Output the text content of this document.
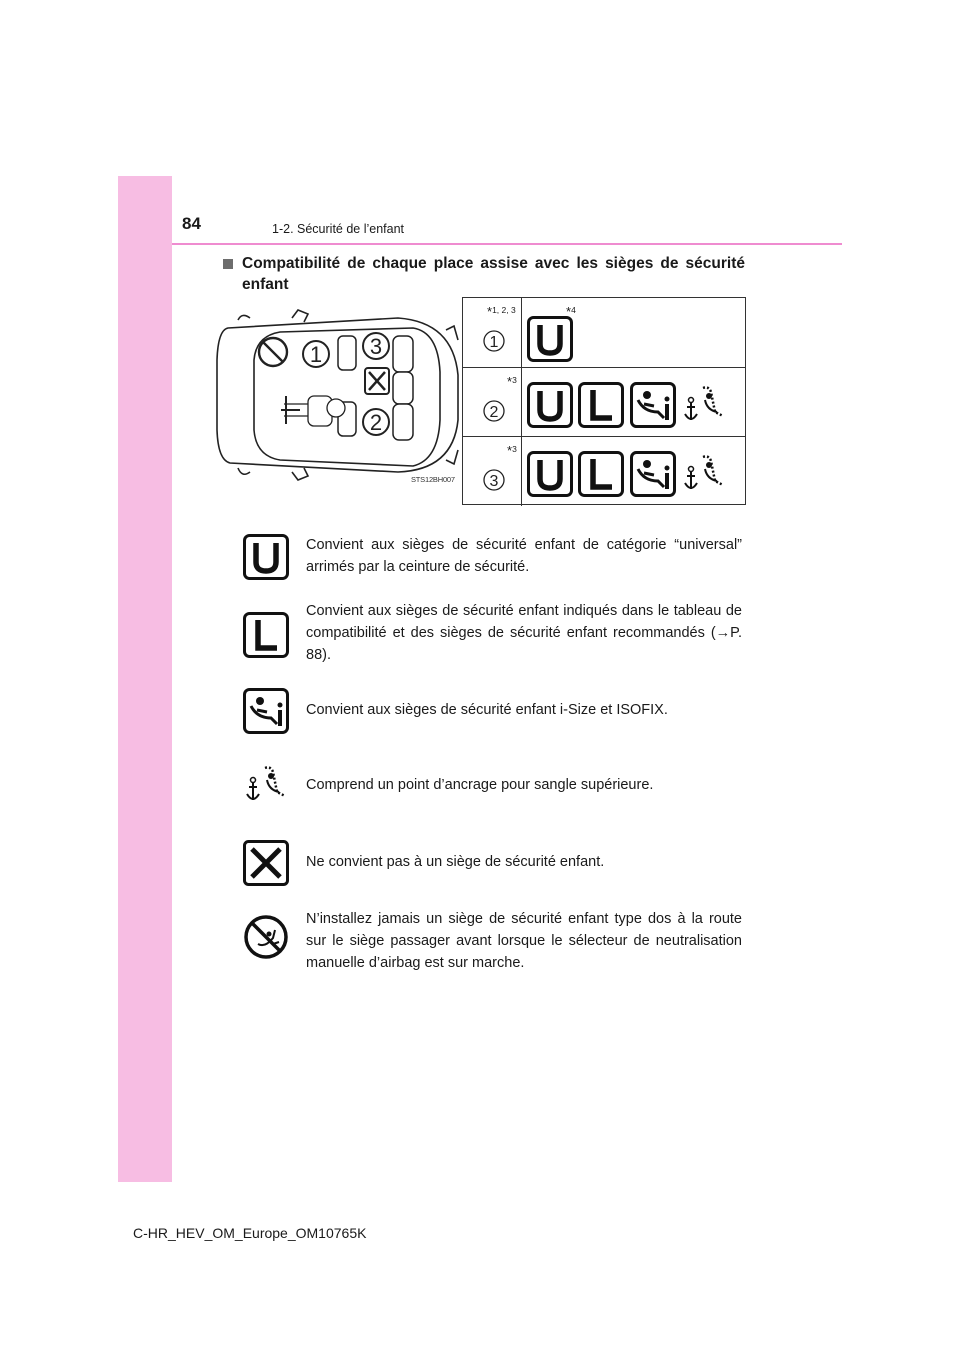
84	1-2. Sécurité de l’enfant
Compatibilité de chaque place assise avec les sièges de sécurité enfant
1 3
2
STS12BH007
*1, 2, 3
1
*4
*3
2

*3
3

Convient aux sièges de sécurité enfant de catégorie “universal” arrimés par la ceinture de sécurité.
Convient aux sièges de sécurité enfant indiqués dans le tableau de compatibilité et des sièges de sécurité enfant recommandés (→P. 88).
Convient aux sièges de sécurité enfant i-Size et ISOFIX.
Comprend un point d’ancrage pour sangle supérieure.
Ne convient pas à un siège de sécurité enfant.
N’installez jamais un siège de sécurité enfant type dos à la route sur le siège passager avant lorsque le sélecteur de neutralisation manuelle d’airbag est sur marche.
C-HR_HEV_OM_Europe_OM10765K
